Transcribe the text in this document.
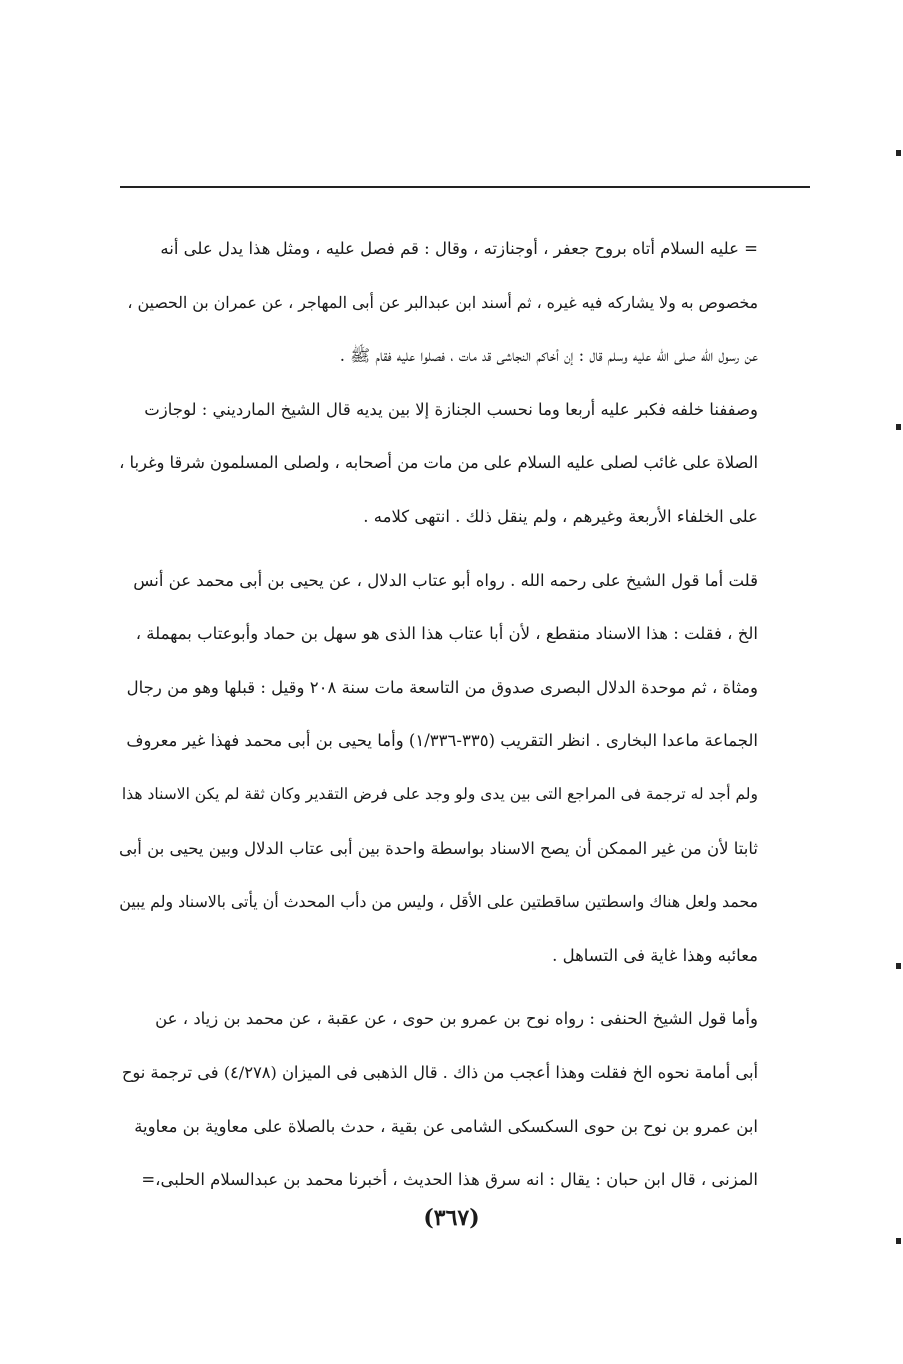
= عليه السلام أتاه بروح جعفر ، أوجنازته ، وقال : قم فصل عليه ، ومثل هذا يدل على أنه
مخصوص به ولا يشاركه فيه غيره ، ثم أسند ابن عبدالبر عن أبى المهاجر ، عن عمران بن الحصين ،
عن رسول الله صلى الله عليه وسلم قال : إن أخاكم النجاشى قد مات ، فصلوا عليه فقام ﷺ .
وصففنا خلفه فكبر عليه أربعا وما نحسب الجنازة إلا بين يديه قال الشيخ المارديني : لوجازت
الصلاة على غائب لصلى عليه السلام على من مات من أصحابه ، ولصلى المسلمون شرقا وغربا ،
على الخلفاء الأربعة وغيرهم ، ولم ينقل ذلك . انتهى كلامه .
قلت أما قول الشيخ على رحمه الله . رواه أبو عتاب الدلال ، عن يحيى بن أبى محمد عن أنس
الخ ، فقلت : هذا الاسناد منقطع ، لأن أبا عتاب هذا الذى هو سهل بن حماد وأبوعتاب بمهملة ،
ومثاة ، ثم موحدة الدلال البصرى صدوق من التاسعة مات سنة ٢٠٨ وقيل : قبلها وهو من رجال
الجماعة ماعدا البخارى . انظر التقريب (٣٣٥-١/٣٣٦) وأما يحيى بن أبى محمد فهذا غير معروف
ولم أجد له ترجمة فى المراجع التى بين يدى ولو وجد على فرض التقدير وكان ثقة لم يكن الاسناد هذا
ثابتا لأن من غير الممكن أن يصح الاسناد بواسطة واحدة بين أبى عتاب الدلال وبين يحيى بن أبى
محمد ولعل هناك واسطتين ساقطتين على الأقل ، وليس من دأب المحدث أن يأتى بالاسناد ولم يبين
معائبه وهذا غاية فى التساهل .
وأما قول الشيخ الحنفى : رواه نوح بن عمرو بن حوى ، عن عقبة ، عن محمد بن زياد ، عن
أبى أمامة نحوه الخ فقلت وهذا أعجب من ذاك . قال الذهبى فى الميزان (٤/٢٧٨) فى ترجمة نوح
ابن عمرو بن نوح بن حوى السكسكى الشامى عن بقية ، حدث بالصلاة على معاوية بن معاوية
المزنى ، قال ابن حبان : يقال : انه سرق هذا الحديث ، أخبرنا محمد بن عبدالسلام الحلبى،=
(٣٦٧)
